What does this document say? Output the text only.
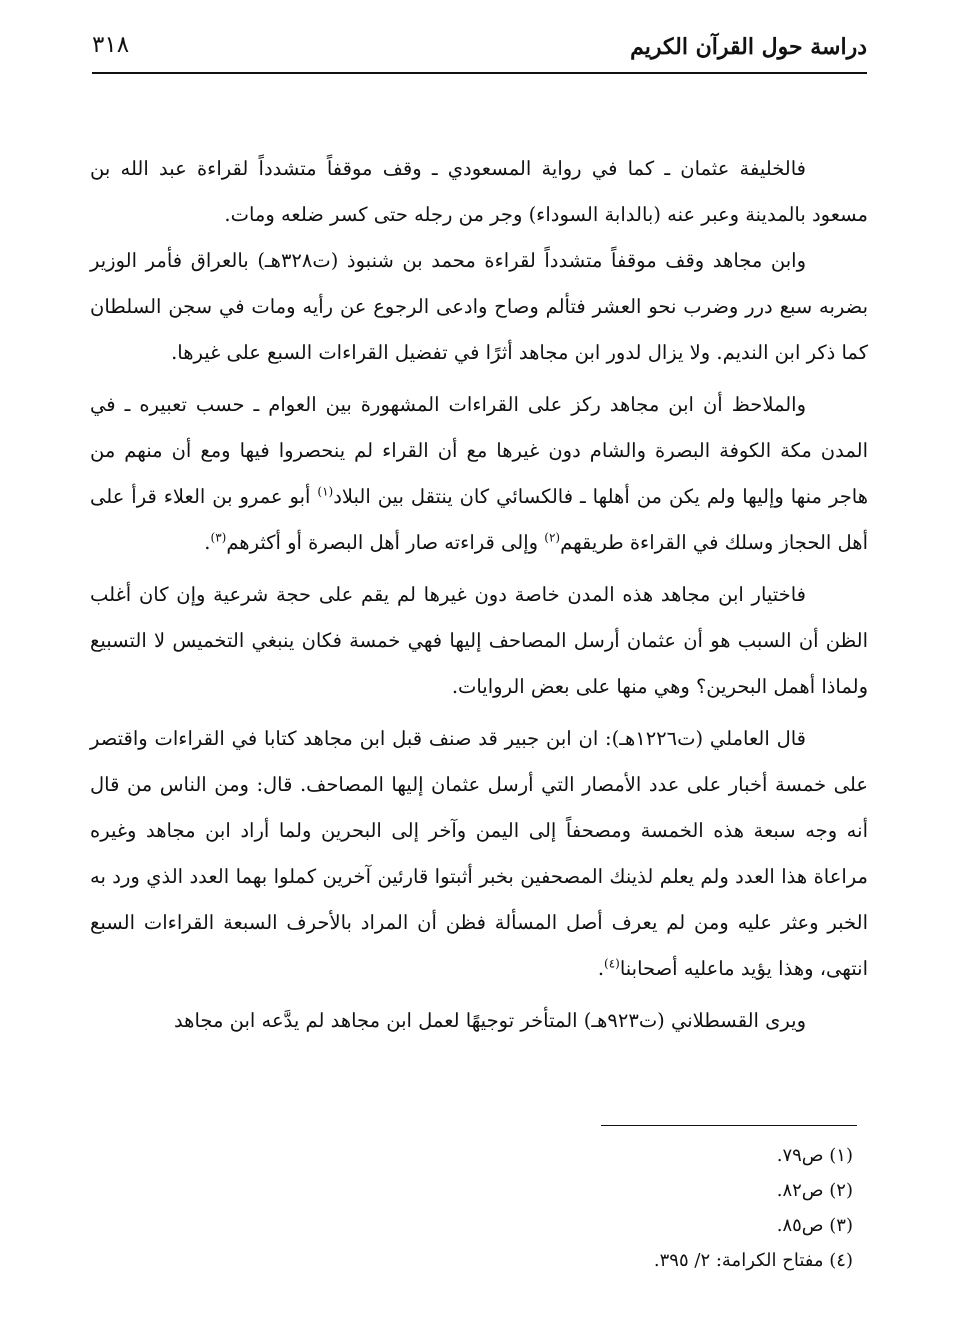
دراسة حول القرآن الكريم
٣١٨

فالخليفة عثمان ـ كما في رواية المسعودي ـ وقف موقفاً متشدداً لقراءة عبد الله بن مسعود بالمدينة وعبر عنه (بالدابة السوداء) وجر من رجله حتى كسر ضلعه ومات.

وابن مجاهد وقف موقفاً متشدداً لقراءة محمد بن شنبوذ (ت٣٢٨هـ) بالعراق فأمر الوزير بضربه سبع درر وضرب نحو العشر فتألم وصاح وادعى الرجوع عن رأيه ومات في سجن السلطان كما ذكر ابن النديم. ولا يزال لدور ابن مجاهد أثرًا في تفضيل القراءات السبع على غيرها.

والملاحظ أن ابن مجاهد ركز على القراءات المشهورة بين العوام ـ حسب تعبيره ـ في المدن مكة الكوفة البصرة والشام دون غيرها مع أن القراء لم ينحصروا فيها ومع أن منهم من هاجر منها وإليها ولم يكن من أهلها ـ فالكسائي كان ينتقل بين البلاد$^{(١)}$ أبو عمرو بن العلاء قرأ على أهل الحجاز وسلك في القراءة طريقهم$^{(٢)}$ وإلى قراءته صار أهل البصرة أو أكثرهم$^{(٣)}$.

فاختيار ابن مجاهد هذه المدن خاصة دون غيرها لم يقم على حجة شرعية وإن كان أغلب الظن أن السبب هو أن عثمان أرسل المصاحف إليها فهي خمسة فكان ينبغي التخميس لا التسبيع ولماذا أهمل البحرين؟ وهي منها على بعض الروايات.

قال العاملي (ت١٢٢٦هـ): ان ابن جبير قد صنف قبل ابن مجاهد كتابا في القراءات واقتصر على خمسة أخبار على عدد الأمصار التي أرسل عثمان إليها المصاحف. قال: ومن الناس من قال أنه وجه سبعة هذه الخمسة ومصحفاً إلى اليمن وآخر إلى البحرين ولما أراد ابن مجاهد وغيره مراعاة هذا العدد ولم يعلم لذينك المصحفين بخبر أثبتوا قارئين آخرين كملوا بهما العدد الذي ورد به الخبر وعثر عليه ومن لم يعرف أصل المسألة فظن أن المراد بالأحرف السبعة القراءات السبع انتهى، وهذا يؤيد ماعليه أصحابنا$^{(٤)}$.

ويرى القسطلاني (ت٩٢٣هـ) المتأخر توجيهًا لعمل ابن مجاهد لم يدَّعه ابن مجاهد

(١) ص٧٩.
(٢) ص٨٢.
(٣) ص٨٥.
(٤) مفتاح الكرامة: ٢/ ٣٩٥.
